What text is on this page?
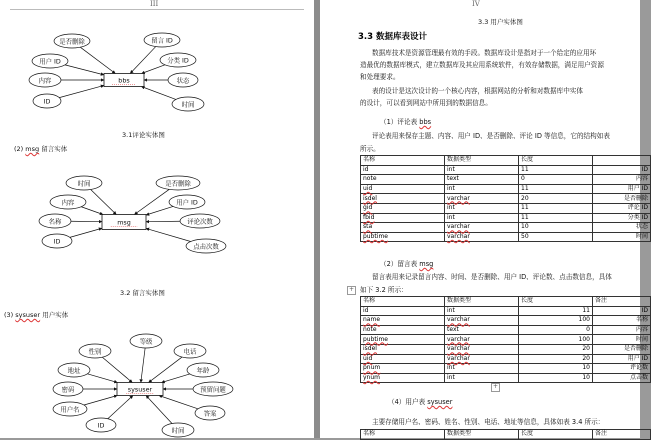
III
是否删除	留言 ID
用户 ID	分类 ID
内容	状态
ID	时间
bbs
时间	是否删除
内容	用户 ID
名称	评论次数
ID
点击次数
msg
等级
性别	电话
地址	年龄
密码	预留问题
用户名	答案
ID
时间
sysuser
3.1评论实体图
(2) msg 留言实体
3.2 留言实体图
(3) sysuser 用户实体
IV
3.3 用户实体图
3.3 数据库表设计
数据库技术是资源管理最有效的手段。数据库设计是指对于一个给定的应用环
造最优的数据库模式，建立数据库及其应用系统软件，有效存储数据，满足用户资源
和处理要求。
表的设计是这次设计的一个核心内容，根据网站的分析和对数据库中实体
的设计，可以看到网站中所用到的数据信息。
（1）评论表 bbs
评论表用来保存主题、内容、用户 ID、是否删除、评论 ID 等信息，它的结构如表
所示。
名称	数据类型	长度	
id	int	11	ID
note	text	0	内容
uid	int	11	用户 ID
isdel	varchar	20	是否删除
gid	int	11	评论 ID
fbid	int	11	分类 ID
sta	varchar	10	状态
pubtime	varchar	50	时间
（2）留言表 msg
留言表用来记录留言内容、时间、是否删除、用户 ID、评论数、点击数信息，具体
如下 3.2 所示：
+
名称	数据类型	长度	备注
id	int	11	ID
name	varchar	100	名称
note	text	0	内容
pubtime	varchar	100	时间
isdel	varchar	20	是否删除
uid	varchar	20	用户 ID
pnum	int	10	评论数
ynum	int	10	点击数
+
（4）用户表 sysuser
主要存储用户名、密码、姓名、性别、电话、地址等信息，具体如表 3.4 所示：
名称	数据类型	长度	备注
